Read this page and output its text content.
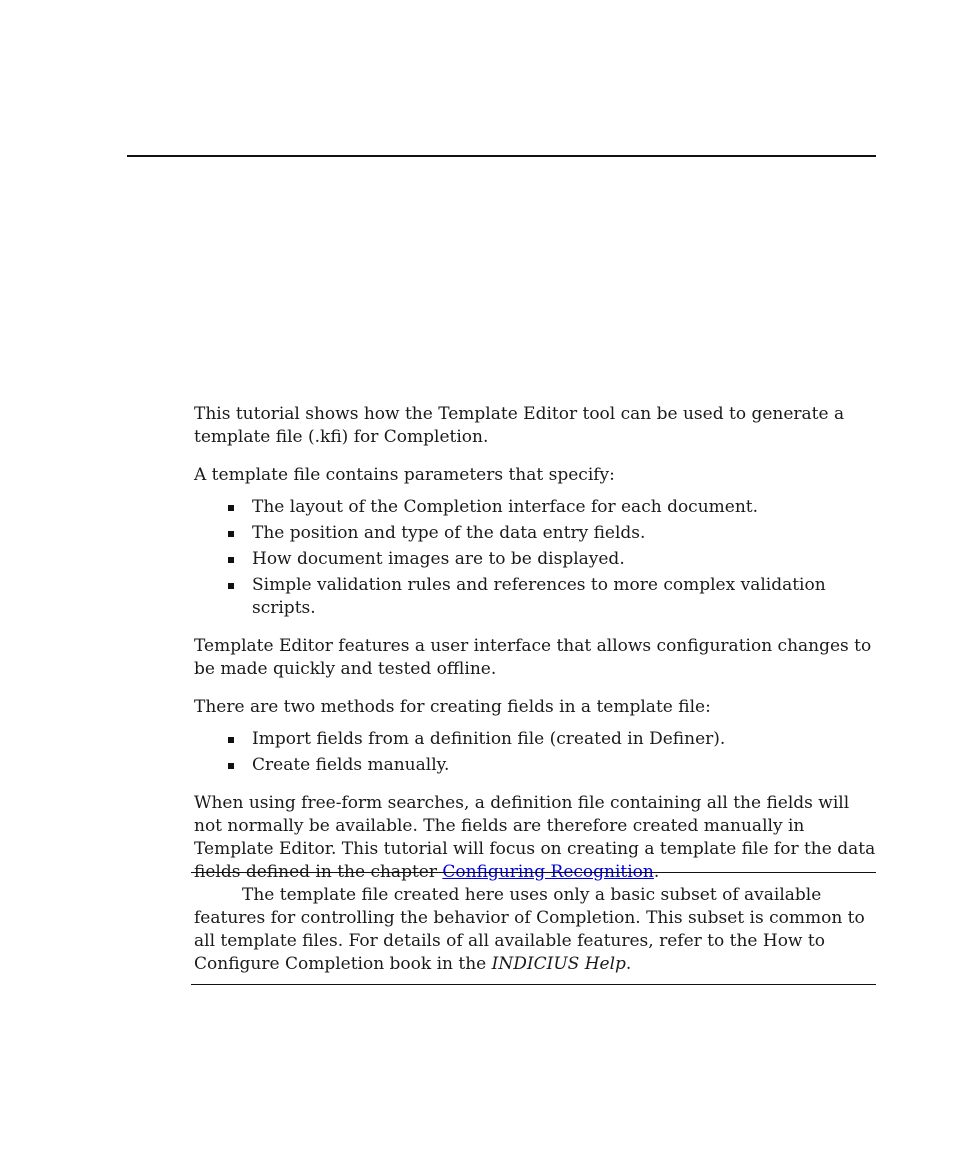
This tutorial shows how the Template Editor tool can be used to generate a template file (.kfi) for Completion.

A template file contains parameters that specify:

The layout of the Completion interface for each document.
The position and type of the data entry fields.
How document images are to be displayed.
Simple validation rules and references to more complex validation scripts.

Template Editor features a user interface that allows configuration changes to be made quickly and tested offline.

There are two methods for creating fields in a template file:

Import fields from a definition file (created in Definer).
Create fields manually.

When using free-form searches, a definition file containing all the fields will not normally be available. The fields are therefore created manually in Template Editor. This tutorial will focus on creating a template file for the data fields defined in the chapter Configuring Recognition.

The template file created here uses only a basic subset of available features for controlling the behavior of Completion. This subset is common to all template files. For details of all available features, refer to the How to Configure Completion book in the INDICIUS Help.
